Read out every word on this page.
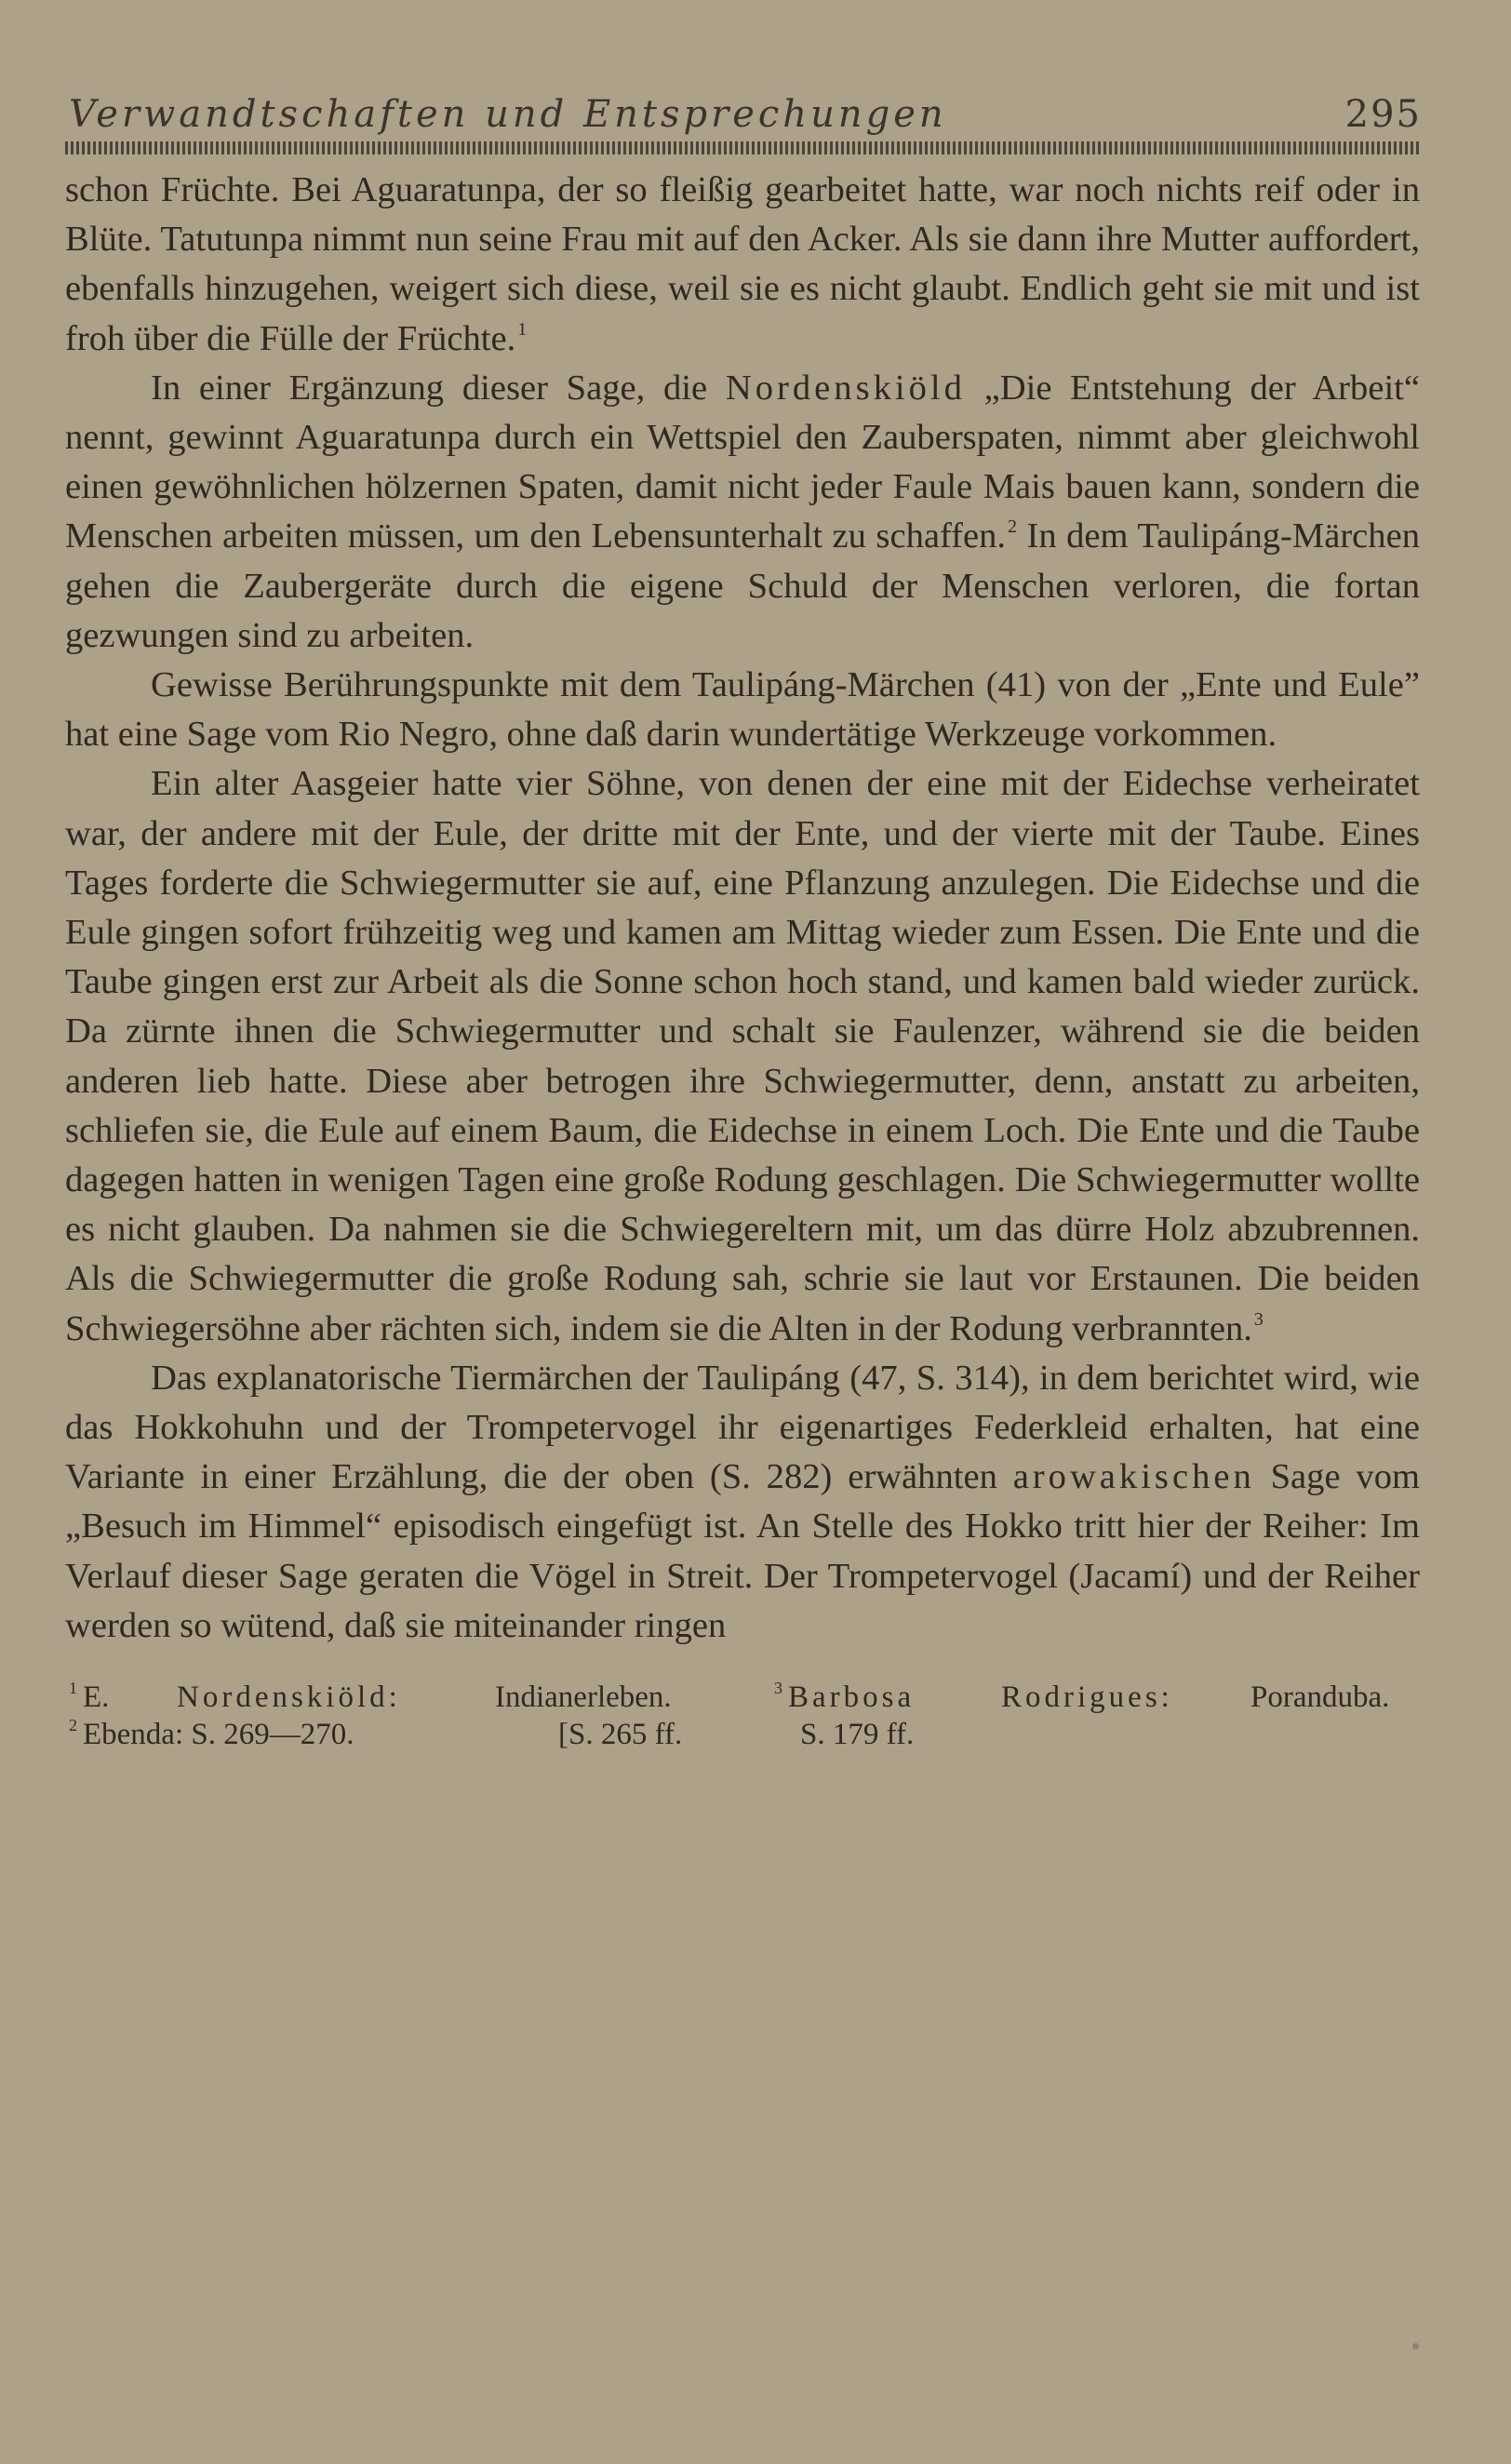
Verwandtschaften und Entsprechungen	295

schon Früchte. Bei Aguaratunpa, der so fleißig gearbeitet hatte, war noch nichts reif oder in Blüte. Tatutunpa nimmt nun seine Frau mit auf den Acker. Als sie dann ihre Mutter auffordert, ebenfalls hinzugehen, weigert sich diese, weil sie es nicht glaubt. Endlich geht sie mit und ist froh über die Fülle der Früchte. $^1$

In einer Ergänzung dieser Sage, die Nordenskiöld „Die Entstehung der Arbeit“ nennt, gewinnt Aguaratunpa durch ein Wettspiel den Zauberspaten, nimmt aber gleichwohl einen gewöhnlichen hölzernen Spaten, damit nicht jeder Faule Mais bauen kann, sondern die Menschen arbeiten müssen, um den Lebensunterhalt zu schaffen. $^2$ In dem Taulipáng-Märchen gehen die Zaubergeräte durch die eigene Schuld der Menschen verloren, die fortan gezwungen sind zu arbeiten.

Gewisse Berührungspunkte mit dem Taulipáng-Märchen (41) von der „Ente und Eule” hat eine Sage vom Rio Negro, ohne daß darin wundertätige Werkzeuge vorkommen.

Ein alter Aasgeier hatte vier Söhne, von denen der eine mit der Eidechse verheiratet war, der andere mit der Eule, der dritte mit der Ente, und der vierte mit der Taube. Eines Tages forderte die Schwiegermutter sie auf, eine Pflanzung anzulegen. Die Eidechse und die Eule gingen sofort frühzeitig weg und kamen am Mittag wieder zum Essen. Die Ente und die Taube gingen erst zur Arbeit als die Sonne schon hoch stand, und kamen bald wieder zurück. Da zürnte ihnen die Schwiegermutter und schalt sie Faulenzer, während sie die beiden anderen lieb hatte. Diese aber betrogen ihre Schwiegermutter, denn, anstatt zu arbeiten, schliefen sie, die Eule auf einem Baum, die Eidechse in einem Loch. Die Ente und die Taube dagegen hatten in wenigen Tagen eine große Rodung geschlagen. Die Schwiegermutter wollte es nicht glauben. Da nahmen sie die Schwiegereltern mit, um das dürre Holz abzubrennen. Als die Schwiegermutter die große Rodung sah, schrie sie laut vor Erstaunen. Die beiden Schwiegersöhne aber rächten sich, indem sie die Alten in der Rodung verbrannten. $^3$

Das explanatorische Tiermärchen der Taulipáng (47, S. 314), in dem berichtet wird, wie das Hokkohuhn und der Trompetervogel ihr eigenartiges Federkleid erhalten, hat eine Variante in einer Erzählung, die der oben (S. 282) erwähnten arowakischen Sage vom „Besuch im Himmel“ episodisch eingefügt ist. An Stelle des Hokko tritt hier der Reiher: Im Verlauf dieser Sage geraten die Vögel in Streit. Der Trompetervogel (Jacamí) und der Reiher werden so wütend, daß sie miteinander ringen

$^1$ E. Nordenskiöld:	Indianerleben.	$^3$ Barbosa	Rodrigues:	Poranduba.
$^2$ Ebenda: S. 269—270.	[S. 265 ff.	S. 179 ff.
